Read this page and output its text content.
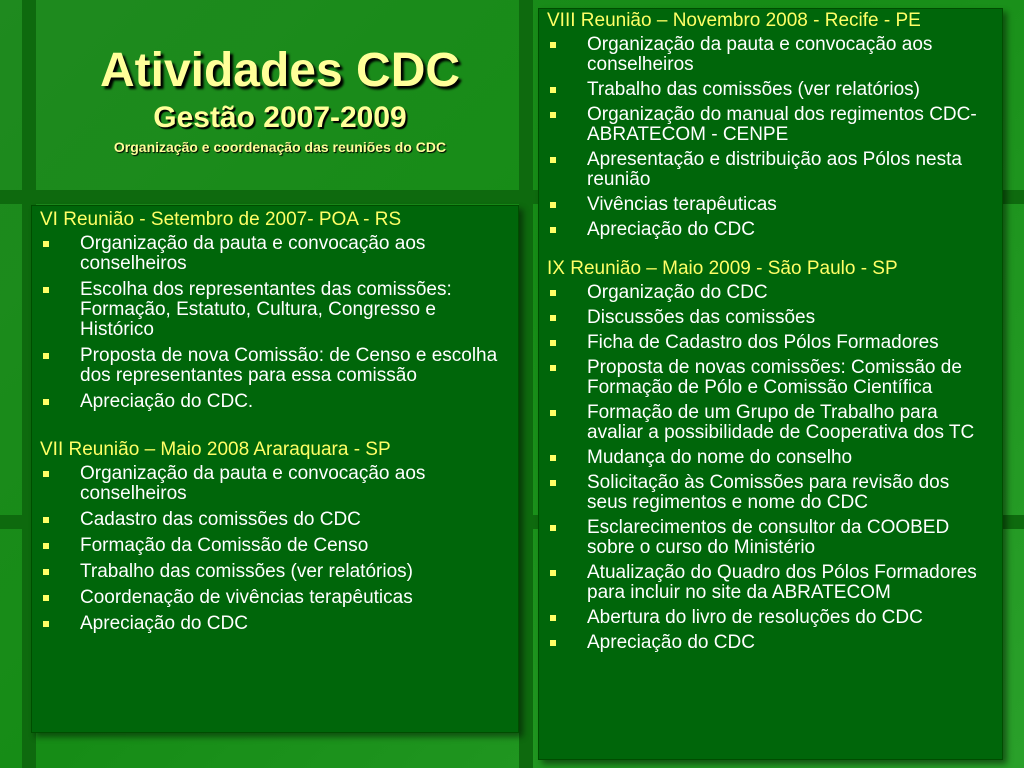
Atividades CDC
Gestão 2007-2009
Organização e coordenação das reuniões do CDC
VI Reunião - Setembro de 2007- POA - RS
Organização da pauta e convocação aos conselheiros
Escolha dos representantes das comissões: Formação, Estatuto, Cultura, Congresso e Histórico
Proposta de nova Comissão: de Censo e escolha dos representantes para essa comissão
Apreciação do CDC.
VII Reunião – Maio 2008 Araraquara - SP
Organização da pauta e convocação aos conselheiros
Cadastro das comissões do CDC
Formação da Comissão de Censo
Trabalho das comissões (ver relatórios)
Coordenação de vivências terapêuticas
Apreciação do CDC
VIII Reunião – Novembro 2008 - Recife - PE
Organização da pauta e convocação aos conselheiros
Trabalho das comissões (ver relatórios)
Organização do manual dos regimentos CDC- ABRATECOM - CENPE
Apresentação e distribuição aos Pólos nesta reunião
Vivências terapêuticas
Apreciação do CDC
IX Reunião – Maio 2009 - São Paulo - SP
Organização do CDC
Discussões das comissões
Ficha de Cadastro dos Pólos Formadores
Proposta de novas comissões: Comissão de Formação de Pólo e Comissão Científica
Formação de um Grupo de Trabalho para avaliar a possibilidade de Cooperativa dos TC
Mudança do nome do conselho
Solicitação às Comissões para revisão dos seus regimentos e nome do CDC
Esclarecimentos de consultor da COOBED sobre o curso do Ministério
Atualização do Quadro dos Pólos Formadores para incluir no site da ABRATECOM
Abertura do livro de resoluções do CDC
Apreciação do CDC
